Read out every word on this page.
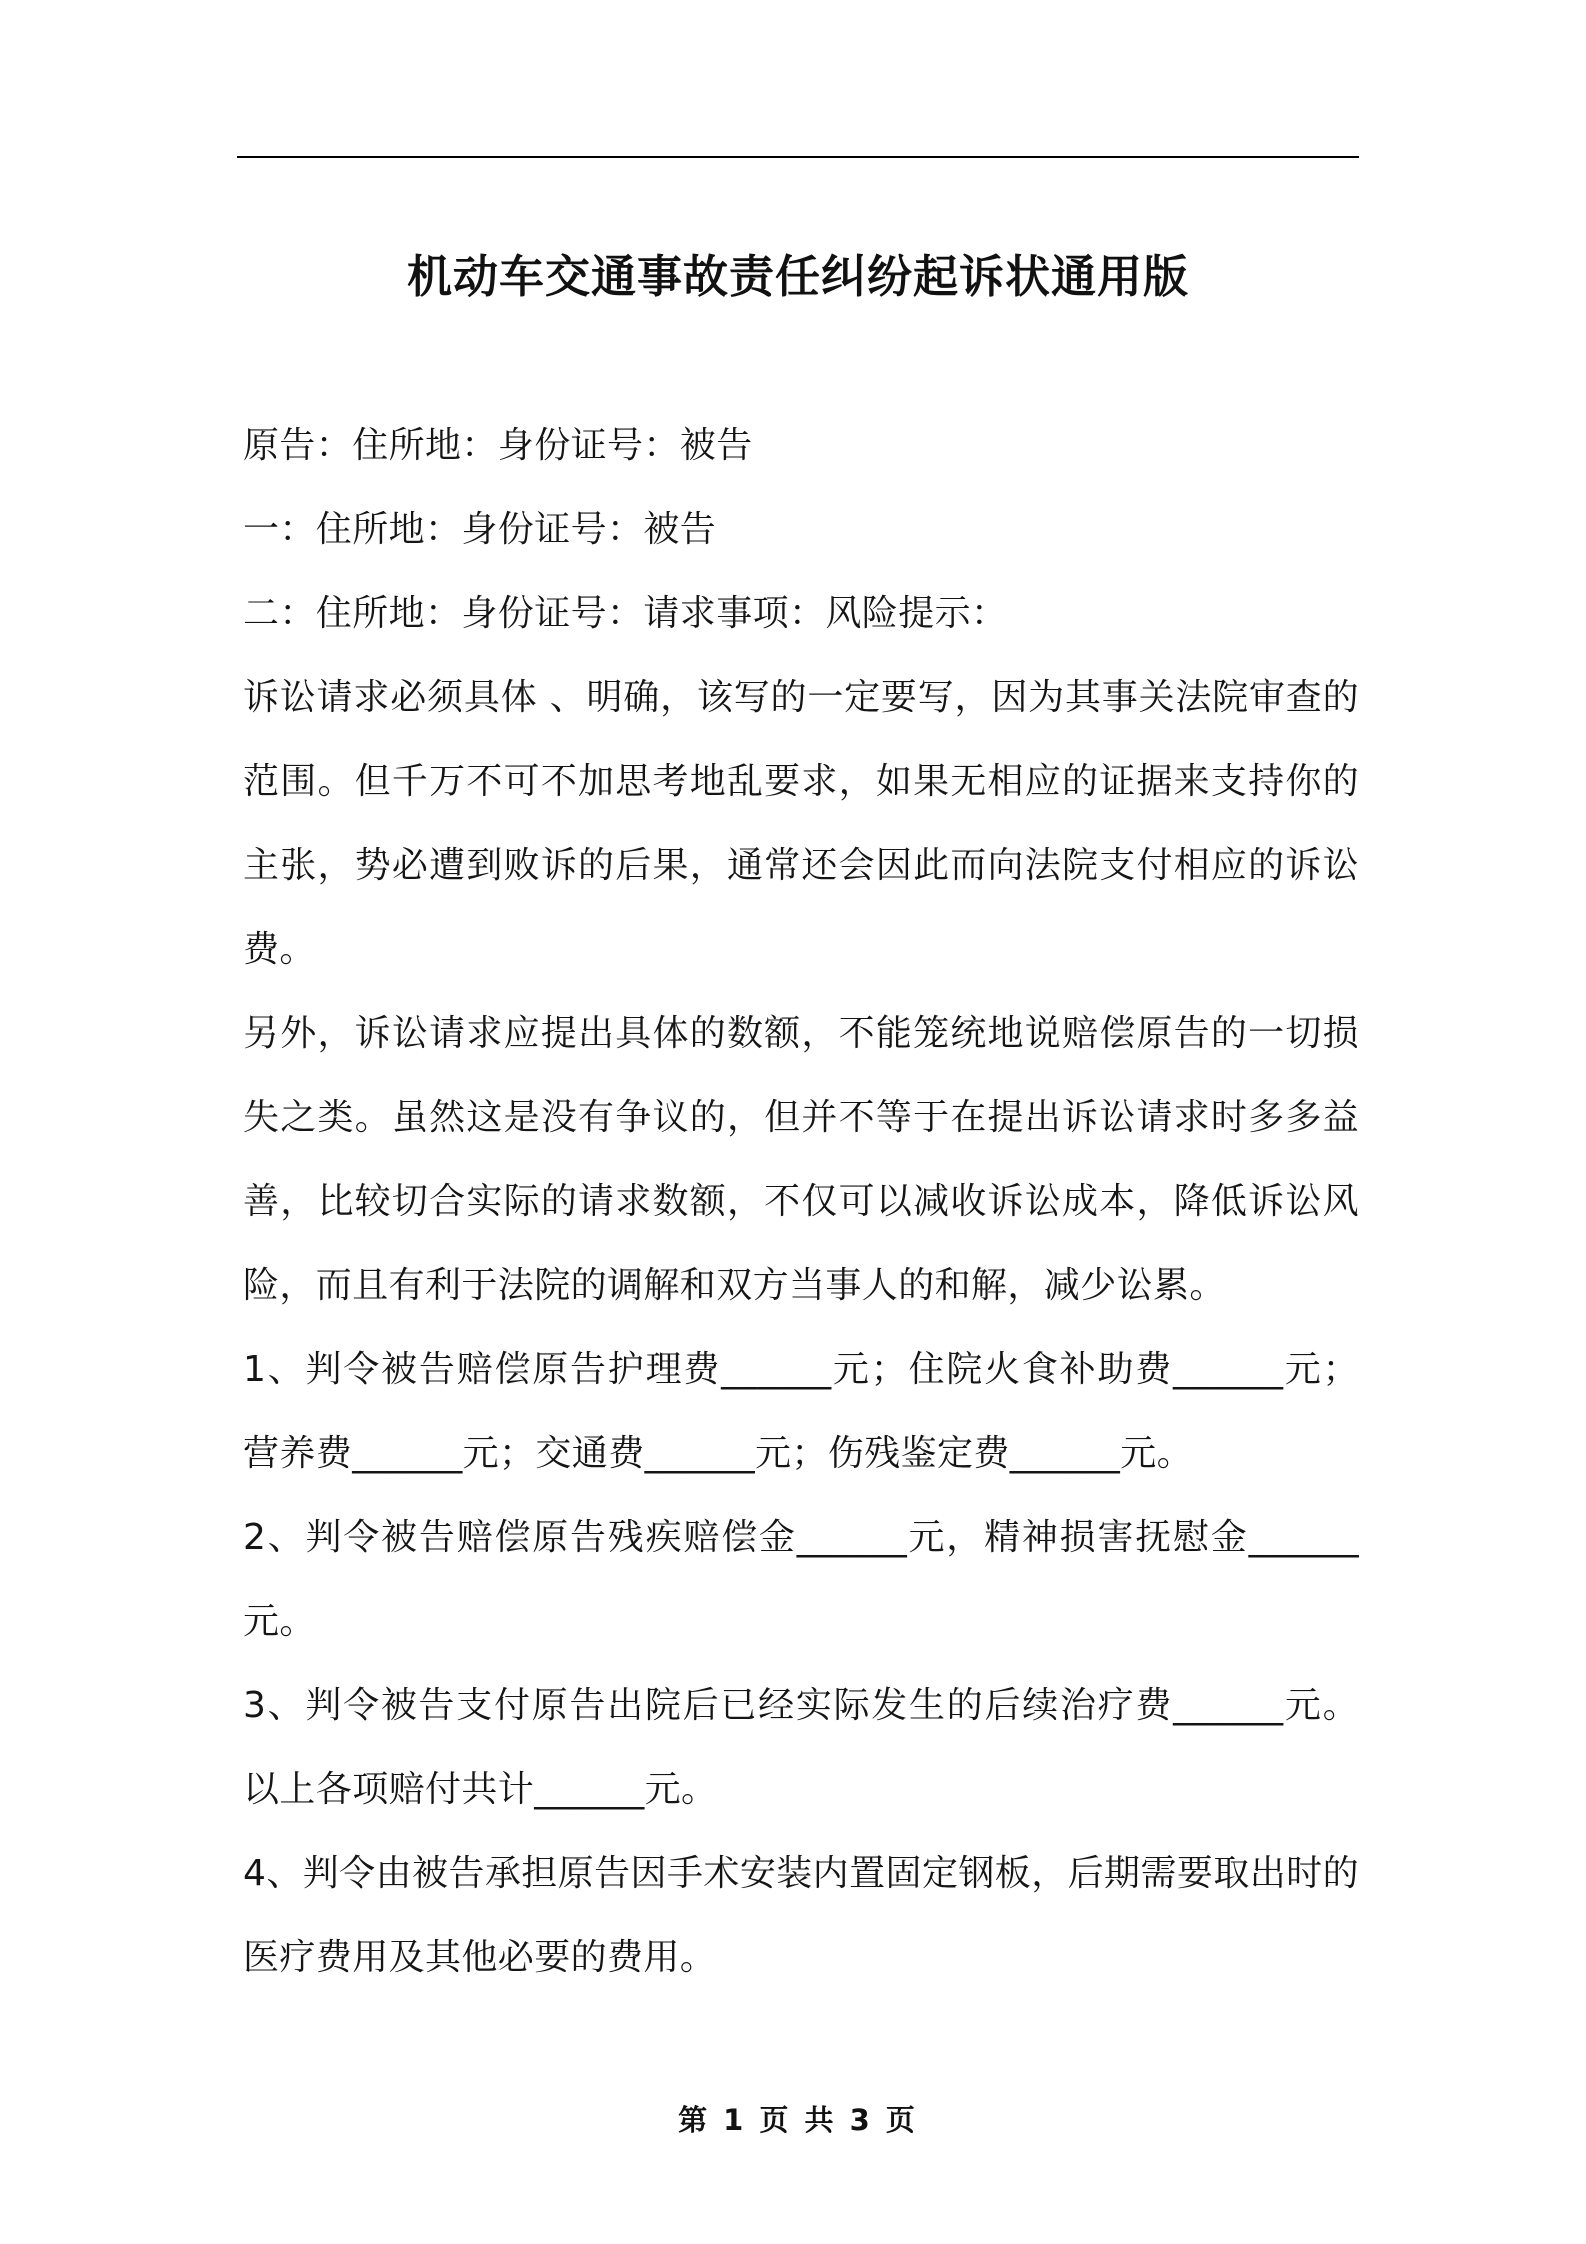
机动车交通事故责任纠纷起诉状通用版

原告：住所地：身份证号：被告

一：住所地：身份证号：被告

二：住所地：身份证号：请求事项：风险提示：

诉讼请求必须具体 、明确，该写的一定要写，因为其事关法院审查的范围。但千万不可不加思考地乱要求，如果无相应的证据来支持你的主张，势必遭到败诉的后果，通常还会因此而向法院支付相应的诉讼费。

另外，诉讼请求应提出具体的数额，不能笼统地说赔偿原告的一切损失之类。虽然这是没有争议的，但并不等于在提出诉讼请求时多多益善，比较切合实际的请求数额，不仅可以减收诉讼成本，降低诉讼风险，而且有利于法院的调解和双方当事人的和解，减少讼累。

1、判令被告赔偿原告护理费______元；住院火食补助费______元；营养费______元；交通费______元；伤残鉴定费______元。

2、判令被告赔偿原告残疾赔偿金______元，精神损害抚慰金______元。

3、判令被告支付原告出院后已经实际发生的后续治疗费______元。以上各项赔付共计______元。

4、判令由被告承担原告因手术安装内置固定钢板，后期需要取出时的医疗费用及其他必要的费用。

第 1 页 共 3 页
